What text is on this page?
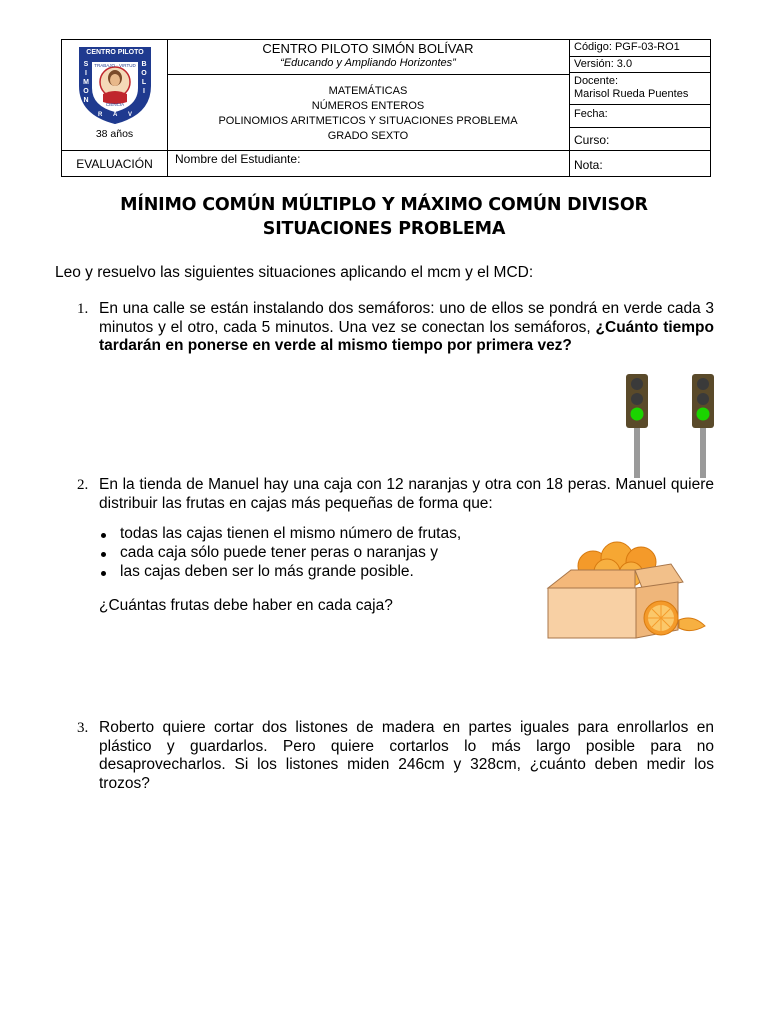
CENTRO PILOTO
TRABAJO · VIRTUD
CIENCIA
S
I
M
O
N
B
O
L
I
R A V
38 años
CENTRO PILOTO SIMÓN BOLÍVAR
“Educando y Ampliando Horizontes”
MATEMÁTICAS
NÚMEROS ENTEROS
POLINOMIOS ARITMETICOS Y SITUACIONES PROBLEMA
GRADO SEXTO
Código: PGF-03-RO1
Versión: 3.0
Docente:
Marisol Rueda Puentes
Fecha:
Curso:
EVALUACIÓN	Nombre del Estudiante:	Nota:
MÍNIMO COMÚN MÚLTIPLO Y MÁXIMO COMÚN DIVISOR
SITUACIONES PROBLEMA
Leo y resuelvo las siguientes situaciones aplicando el mcm y el MCD:
1. En una calle se están instalando dos semáforos: uno de ellos se pondrá en verde cada 3 minutos y el otro, cada 5 minutos. Una vez se conectan los semáforos, ¿Cuánto tiempo tardarán en ponerse en verde al mismo tiempo por primera vez?
2. En la tienda de Manuel hay una caja con 12 naranjas y otra con 18 peras. Manuel quiere distribuir las frutas en cajas más pequeñas de forma que:
todas las cajas tienen el mismo número de frutas,
cada caja sólo puede tener peras o naranjas y
las cajas deben ser lo más grande posible.
¿Cuántas frutas debe haber en cada caja?
3. Roberto quiere cortar dos listones de madera en partes iguales para enrollarlos en plástico y guardarlos. Pero quiere cortarlos lo más largo posible para no desaprovecharlos. Si los listones miden 246cm y 328cm, ¿cuánto deben medir los trozos?
